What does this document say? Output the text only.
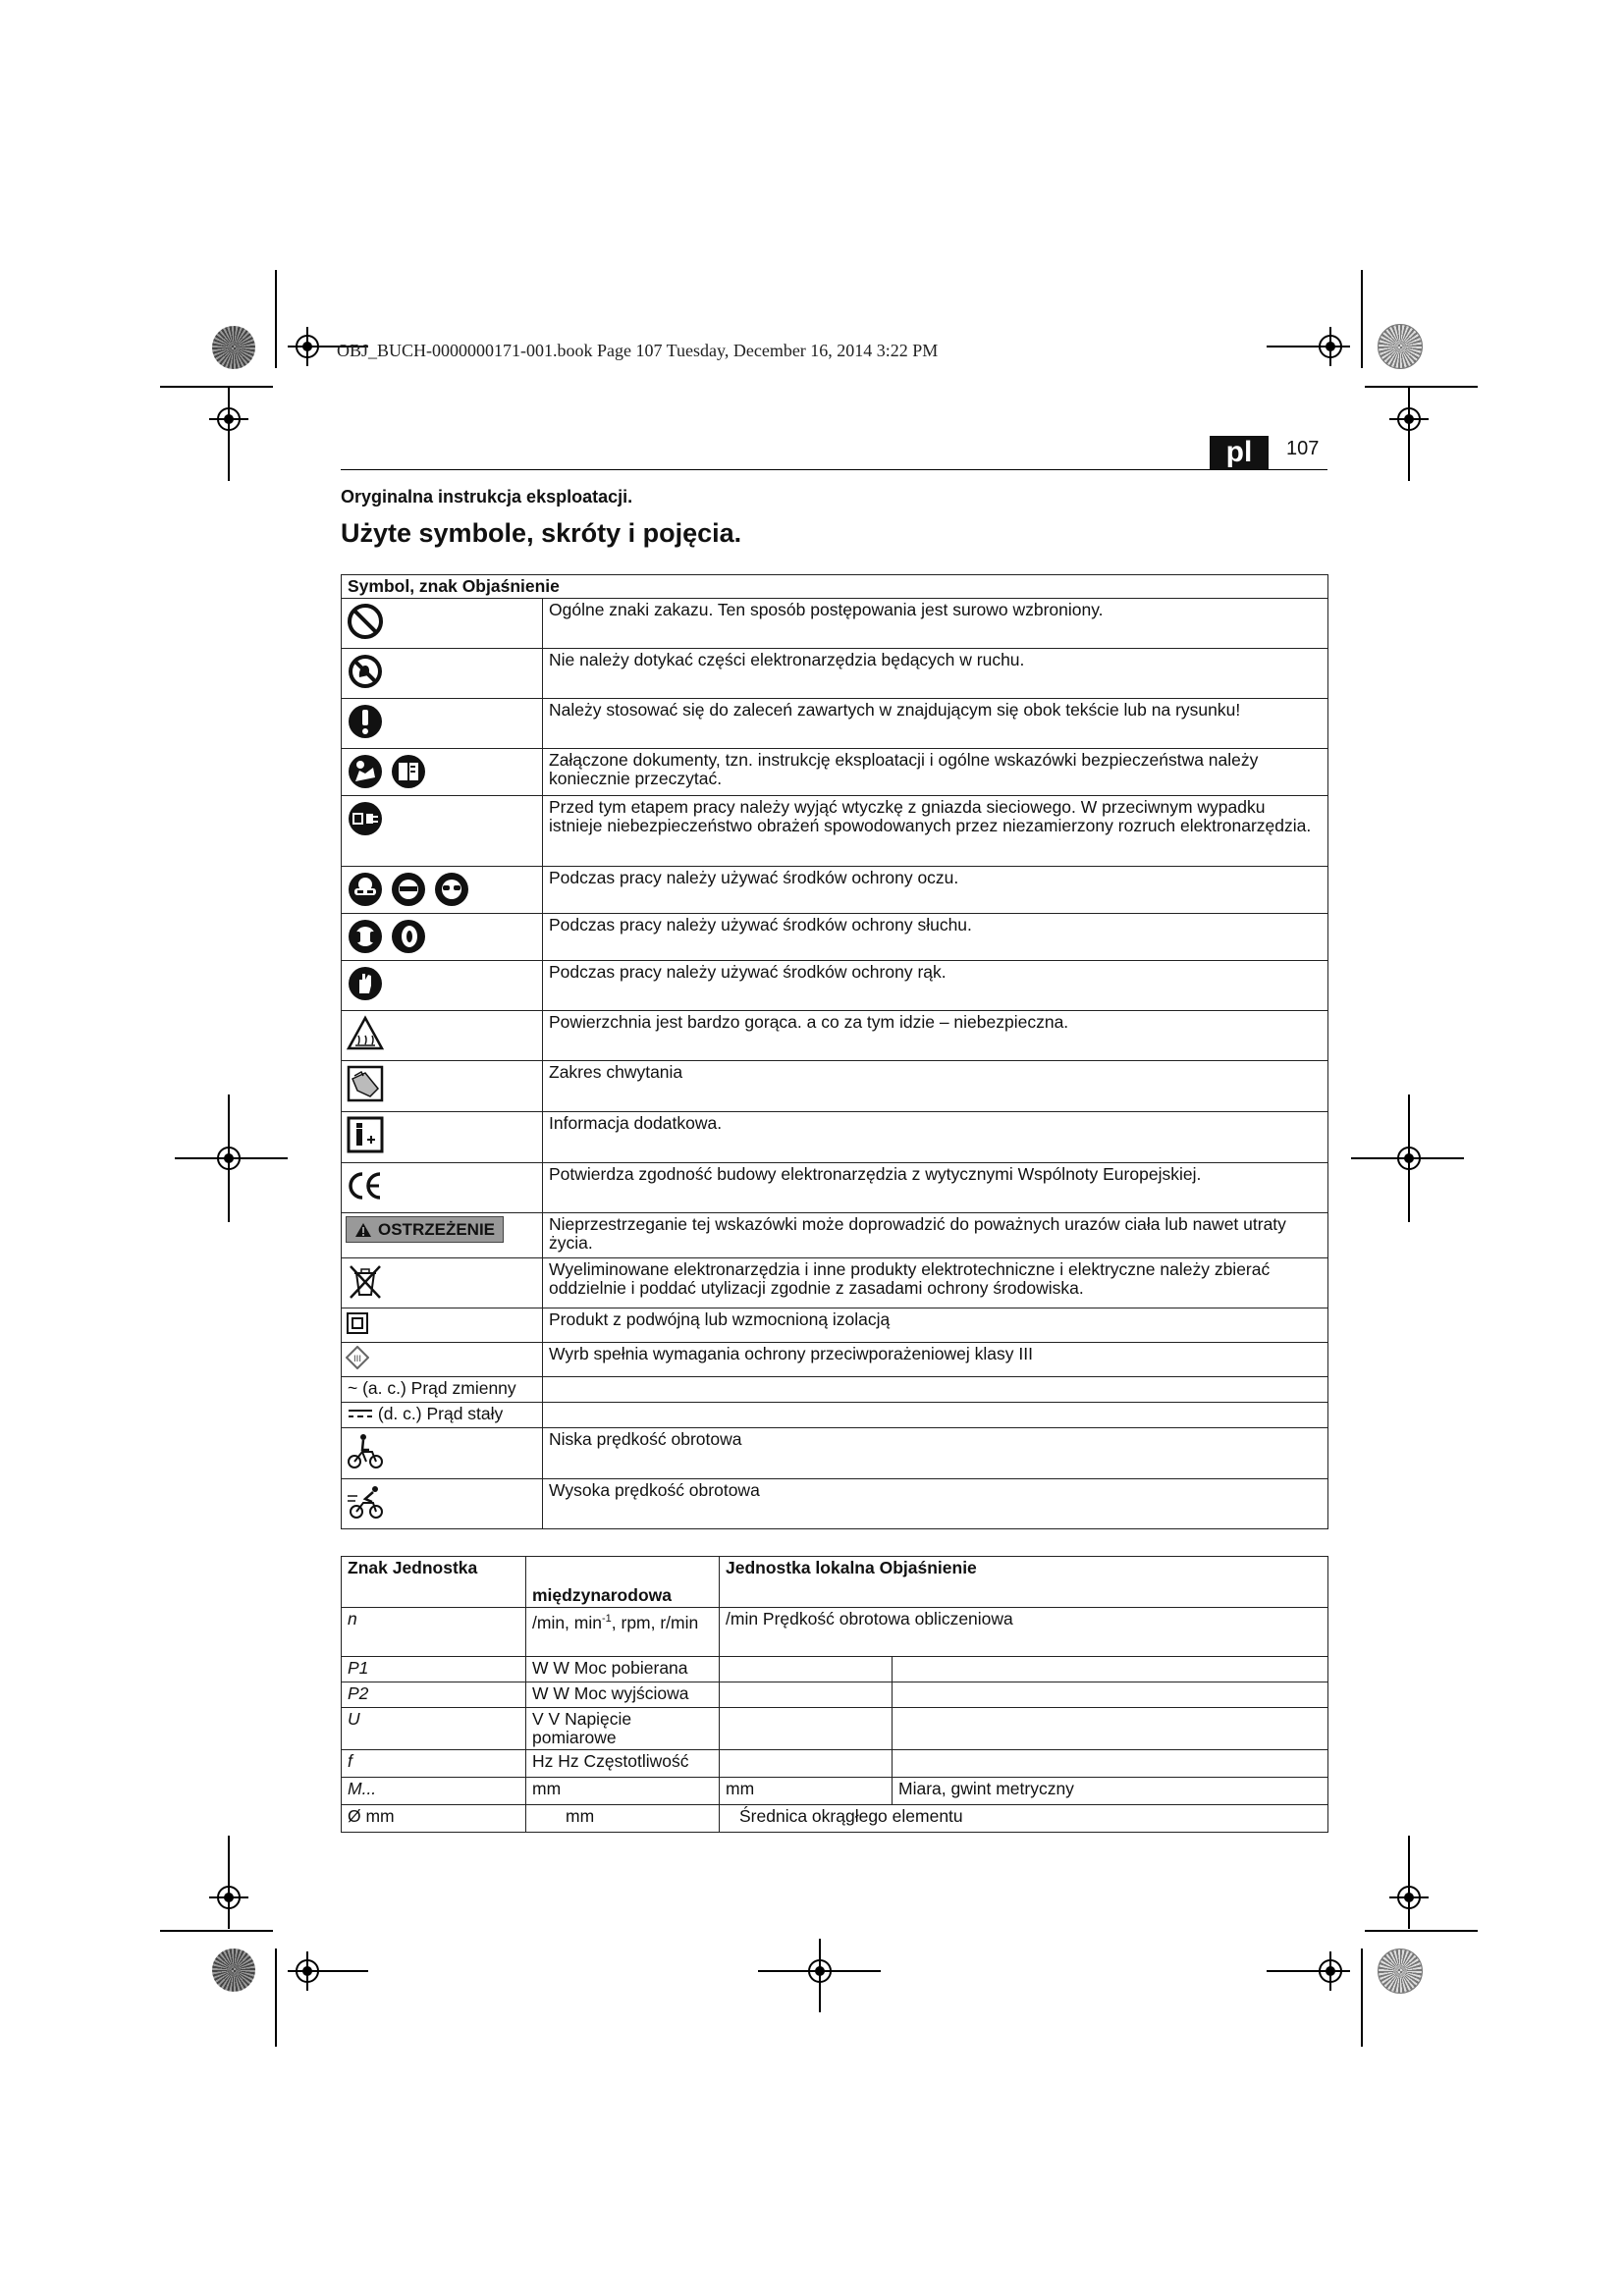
OBJ_BUCH-0000000171-001.book Page 107 Tuesday, December 16, 2014 3:22 PM
pl	107
Oryginalna instrukcja eksploatacji.
Użyte symbole, skróty i pojęcia.
Symbol, znak Objaśnienie	
	Ogólne znaki zakazu. Ten sposób postępowania jest surowo wzbroniony.
	Nie należy dotykać części elektronarzędzia będących w ruchu.
	Należy stosować się do zaleceń zawartych w znajdującym się obok tekście lub na rysunku!

	Załączone dokumenty, tzn. instrukcję eksploatacji i ogólne wskazówki bezpieczeństwa należy koniecznie przeczytać.
	Przed tym etapem pracy należy wyjąć wtyczkę z gniazda sieciowego. W przeciwnym wypadku istnieje niebezpieczeństwo obrażeń spowodowanych przez niezamierzony rozruch elektronarzędzia.

	Podczas pracy należy używać środków ochrony oczu.

	Podczas pracy należy używać środków ochrony słuchu.
	Podczas pracy należy używać środków ochrony rąk.
	Powierzchnia jest bardzo gorąca. a co za tym idzie – niebezpieczna.
	Zakres chwytania
	Informacja dodatkowa.
	Potwierdza zgodność budowy elektronarzędzia z wytycznymi Wspólnoty Europejskiej.

OSTRZEŻENIE	Nieprzestrzeganie tej wskazówki może doprowadzić do poważnych urazów ciała lub nawet utraty życia.
	Wyeliminowane elektronarzędzia i inne produkty elektrotechniczne i elektryczne należy zbierać oddzielnie i poddać utylizacji zgodnie z zasadami ochrony środowiska.
	Produkt z podwójną lub wzmocnioną izolacją

III	Wyrb spełnia wymagania ochrony przeciwporażeniowej klasy III
~ (a. c.) Prąd zmienny	
(d. c.) Prąd stały	
	Niska prędkość obrotowa
	Wysoka prędkość obrotowa
Znak Jednostka	międzynarodowa	Jednostka lokalna Objaśnienie	
n	/min, $\min^{-1}$, rpm, r/min	/min Prędkość obrotowa obliczeniowa	
P1	W W Moc pobierana		
P2	W W Moc wyjściowa		
U	V V Napięcie pomiarowe		
f	Hz Hz Częstotliwość		
M...	mm	mm	Miara, gwint metryczny
Ø mm	mm	Średnica okrągłego elementu	
